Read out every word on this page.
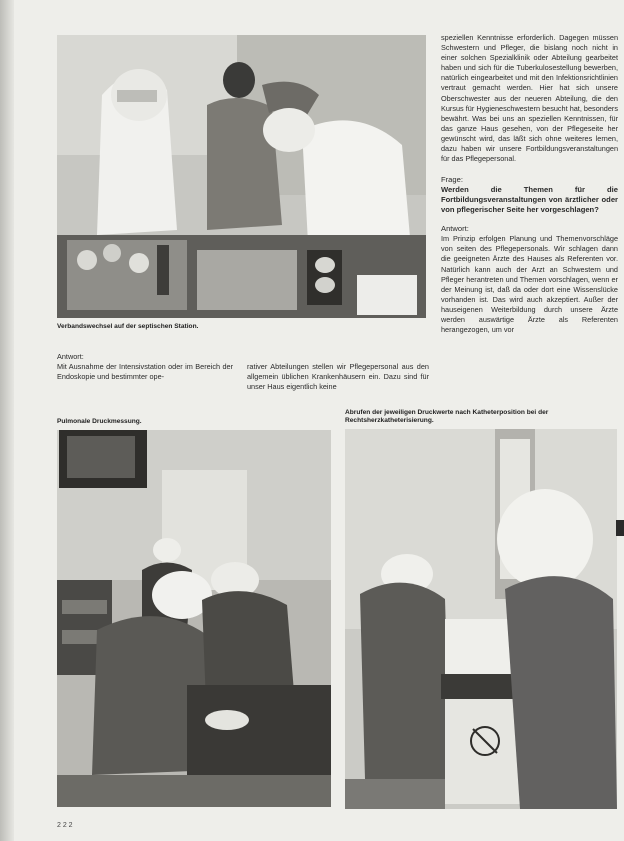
Verbandswechsel auf der septischen Station.

Antwort:

Mit Ausnahme der Intensivstation oder im Bereich der Endoskopie und bestimmter ope-

rativer Abteilungen stellen wir Pflegepersonal aus den allgemein üblichen Krankenhäusern ein. Dazu sind für unser Haus eigentlich keine

speziellen Kenntnisse erforderlich. Dagegen müssen Schwestern und Pfleger, die bislang noch nicht in einer solchen Spezialklinik oder Abteilung gearbeitet haben und sich für die Tuberkulosestellung bewerben, natürlich eingearbeitet und mit den Infektionsrichtlinien vertraut gemacht werden. Hier hat sich unsere Oberschwester aus der neueren Abteilung, die den Kursus für Hygieneschwestern besucht hat, besonders bewährt. Was bei uns an speziellen Kenntnissen, für das ganze Haus gesehen, von der Pflegeseite her gewünscht wird, das läßt sich ohne weiteres lernen, dazu haben wir unsere Fortbildungsveranstaltungen für das Pflegepersonal.

Frage:

Werden die Themen für die Fortbildungsveranstaltungen von ärztlicher oder von pflegerischer Seite her vorgeschlagen?

Antwort:

Im Prinzip erfolgen Planung und Themenvorschläge von seiten des Pflegepersonals. Wir schlagen dann die geeigneten Ärzte des Hauses als Referenten vor. Natürlich kann auch der Arzt an Schwestern und Pfleger herantreten und Themen vorschlagen, wenn er der Meinung ist, daß da oder dort eine Wissenslücke vorhanden ist. Das wird auch akzeptiert. Außer der hauseigenen Weiterbildung durch unsere Ärzte werden auswärtige Ärzte als Referenten herangezogen, um vor

Pulmonale Druckmessung.
Abrufen der jeweiligen Druckwerte nach Katheterposition bei der Rechtsherzkatheterisierung.
2 2 2
